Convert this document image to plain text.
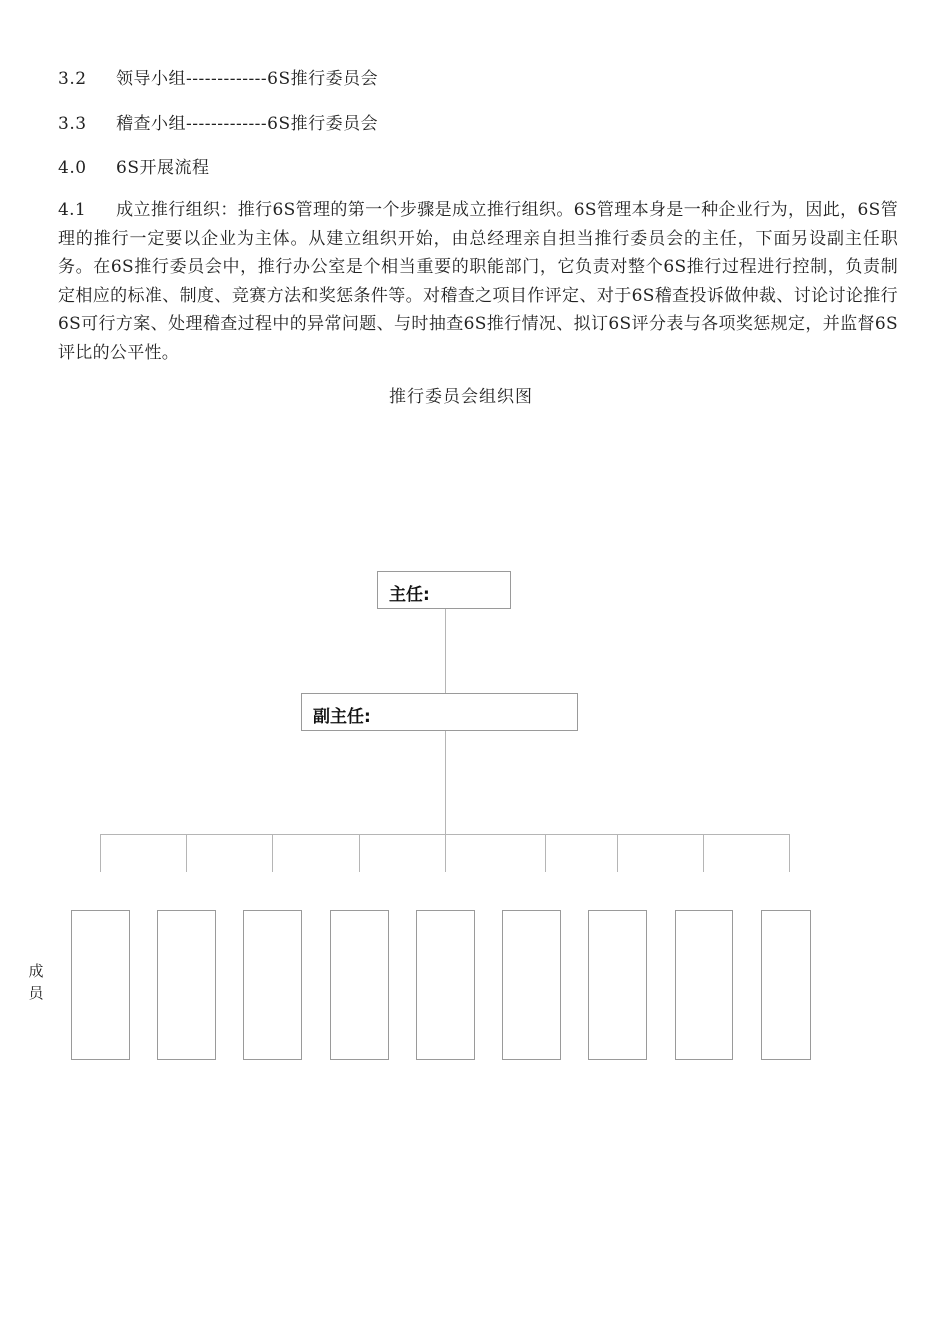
3.2 领导小组-------------6S推行委员会
3.3 稽查小组-------------6S推行委员会
4.0 6S开展流程
4.1 成立推行组织：推行6S管理的第一个步骤是成立推行组织。6S管理本身是一种企业行为，因此，6S管理的推行一定要以企业为主体。从建立组织开始，由总经理亲自担当推行委员会的主任，下面另设副主任职务。在6S推行委员会中，推行办公室是个相当重要的职能部门，它负责对整个6S推行过程进行控制，负责制定相应的标准、制度、竞赛方法和奖惩条件等。对稽查之项目作评定、对于6S稽查投诉做仲裁、讨论讨论推行6S可行方案、处理稽查过程中的异常问题、与时抽查6S推行情况、拟订6S评分表与各项奖惩规定，并监督6S评比的公平性。
推行委员会组织图
主任:
副主任:
成员
